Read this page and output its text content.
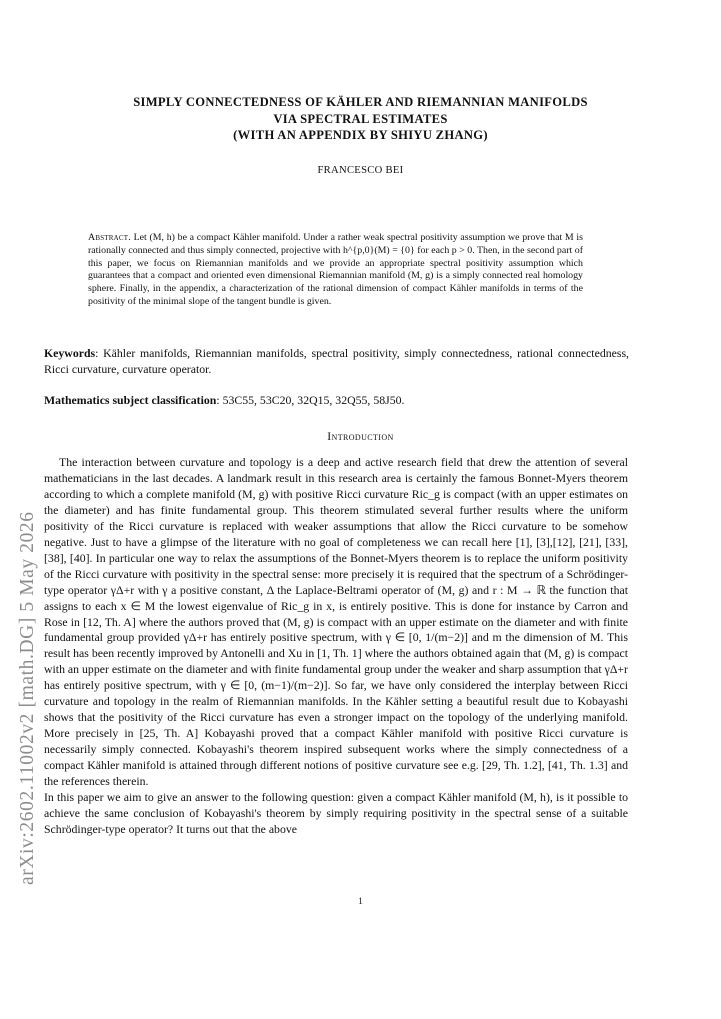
SIMPLY CONNECTEDNESS OF KÄHLER AND RIEMANNIAN MANIFOLDS
VIA SPECTRAL ESTIMATES
(WITH AN APPENDIX BY SHIYU ZHANG)
FRANCESCO BEI
Abstract. Let (M, h) be a compact Kähler manifold. Under a rather weak spectral positivity assumption we prove that M is rationally connected and thus simply connected, projective with h^{p,0}(M) = {0} for each p > 0. Then, in the second part of this paper, we focus on Riemannian manifolds and we provide an appropriate spectral positivity assumption which guarantees that a compact and oriented even dimensional Riemannian manifold (M, g) is a simply connected real homology sphere. Finally, in the appendix, a characterization of the rational dimension of compact Kähler manifolds in terms of the positivity of the minimal slope of the tangent bundle is given.
Keywords: Kähler manifolds, Riemannian manifolds, spectral positivity, simply connectedness, rational connectedness, Ricci curvature, curvature operator.
Mathematics subject classification: 53C55, 53C20, 32Q15, 32Q55, 58J50.
Introduction

The interaction between curvature and topology is a deep and active research field that drew the attention of several mathematicians in the last decades. A landmark result in this research area is certainly the famous Bonnet-Myers theorem according to which a complete manifold (M, g) with positive Ricci curvature Ric_g is compact (with an upper estimates on the diameter) and has finite fundamental group. This theorem stimulated several further results where the uniform positivity of the Ricci curvature is replaced with weaker assumptions that allow the Ricci curvature to be somehow negative. Just to have a glimpse of the literature with no goal of completeness we can recall here [1], [3],[12], [21], [33], [38], [40]. In particular one way to relax the assumptions of the Bonnet-Myers theorem is to replace the uniform positivity of the Ricci curvature with positivity in the spectral sense: more precisely it is required that the spectrum of a Schrödinger-type operator γΔ+r with γ a positive constant, Δ the Laplace-Beltrami operator of (M, g) and r : M → ℝ the function that assigns to each x ∈ M the lowest eigenvalue of Ric_g in x, is entirely positive. This is done for instance by Carron and Rose in [12, Th. A] where the authors proved that (M, g) is compact with an upper estimate on the diameter and with finite fundamental group provided γΔ+r has entirely positive spectrum, with γ ∈ [0, 1/(m−2)] and m the dimension of M. This result has been recently improved by Antonelli and Xu in [1, Th. 1] where the authors obtained again that (M, g) is compact with an upper estimate on the diameter and with finite fundamental group under the weaker and sharp assumption that γΔ+r has entirely positive spectrum, with γ ∈ [0, (m−1)/(m−2)]. So far, we have only considered the interplay between Ricci curvature and topology in the realm of Riemannian manifolds. In the Kähler setting a beautiful result due to Kobayashi shows that the positivity of the Ricci curvature has even a stronger impact on the topology of the underlying manifold. More precisely in [25, Th. A] Kobayashi proved that a compact Kähler manifold with positive Ricci curvature is necessarily simply connected. Kobayashi's theorem inspired subsequent works where the simply connectedness of a compact Kähler manifold is attained through different notions of positive curvature see e.g. [29, Th. 1.2], [41, Th. 1.3] and the references therein.

In this paper we aim to give an answer to the following question: given a compact Kähler manifold (M, h), is it possible to achieve the same conclusion of Kobayashi's theorem by simply requiring positivity in the spectral sense of a suitable Schrödinger-type operator? It turns out that the above

1
arXiv:2602.11002v2 [math.DG] 5 May 2026
